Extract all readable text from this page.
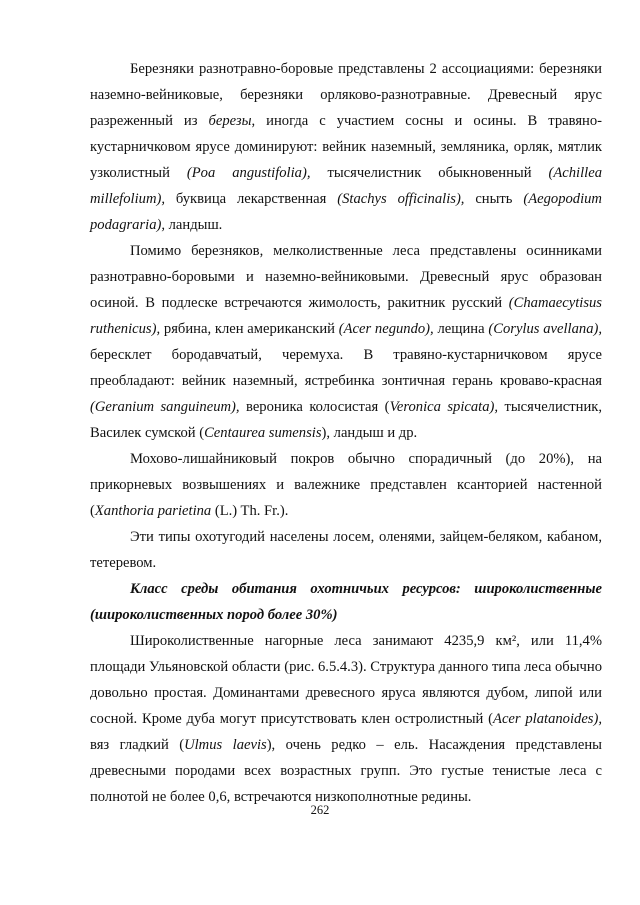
Березняки разнотравно-боровые представлены 2 ассоциациями: березняки наземно-вейниковые, березняки орляково-разнотравные. Древесный ярус разреженный из березы, иногда с участием сосны и осины. В травяно-кустарничковом ярусе доминируют: вейник наземный, земляника, орляк, мятлик узколистный (Poa angustifolia), тысячелистник обыкновенный (Achillea millefolium), буквица лекарственная (Stachys officinalis), сныть (Aegopodium podagraria), ландыш.

Помимо березняков, мелколиственные леса представлены осинниками разнотравно-боровыми и наземно-вейниковыми. Древесный ярус образован осиной. В подлеске встречаются жимолость, ракитник русский (Chamaecytisus ruthenicus), рябина, клен американский (Acer negundo), лещина (Corylus avellana), бересклет бородавчатый, черемуха. В травяно-кустарничковом ярусе преобладают: вейник наземный, ястребинка зонтичная герань кроваво-красная (Geranium sanguineum), вероника колосистая (Veronica spicata), тысячелистник, Василек сумской (Centaurea sumensis), ландыш и др.

Мохово-лишайниковый покров обычно спорадичный (до 20%), на прикорневых возвышениях и валежнике представлен ксанторией настенной (Xanthoria parietina (L.) Th. Fr.).

Эти типы охотугодий населены лосем, оленями, зайцем-беляком, кабаном, тетеревом.

Класс среды обитания охотничьих ресурсов: широколиственные (широколиственных пород более 30%)

Широколиственные нагорные леса занимают 4235,9 км², или 11,4% площади Ульяновской области (рис. 6.5.4.3). Структура данного типа леса обычно довольно простая. Доминантами древесного яруса являются дубом, липой или сосной. Кроме дуба могут присутствовать клен остролистный (Acer platanoides), вяз гладкий (Ulmus laevis), очень редко – ель. Насаждения представлены древесными породами всех возрастных групп. Это густые тенистые леса с полнотой не более 0,6, встречаются низкополнотные редины.

262
